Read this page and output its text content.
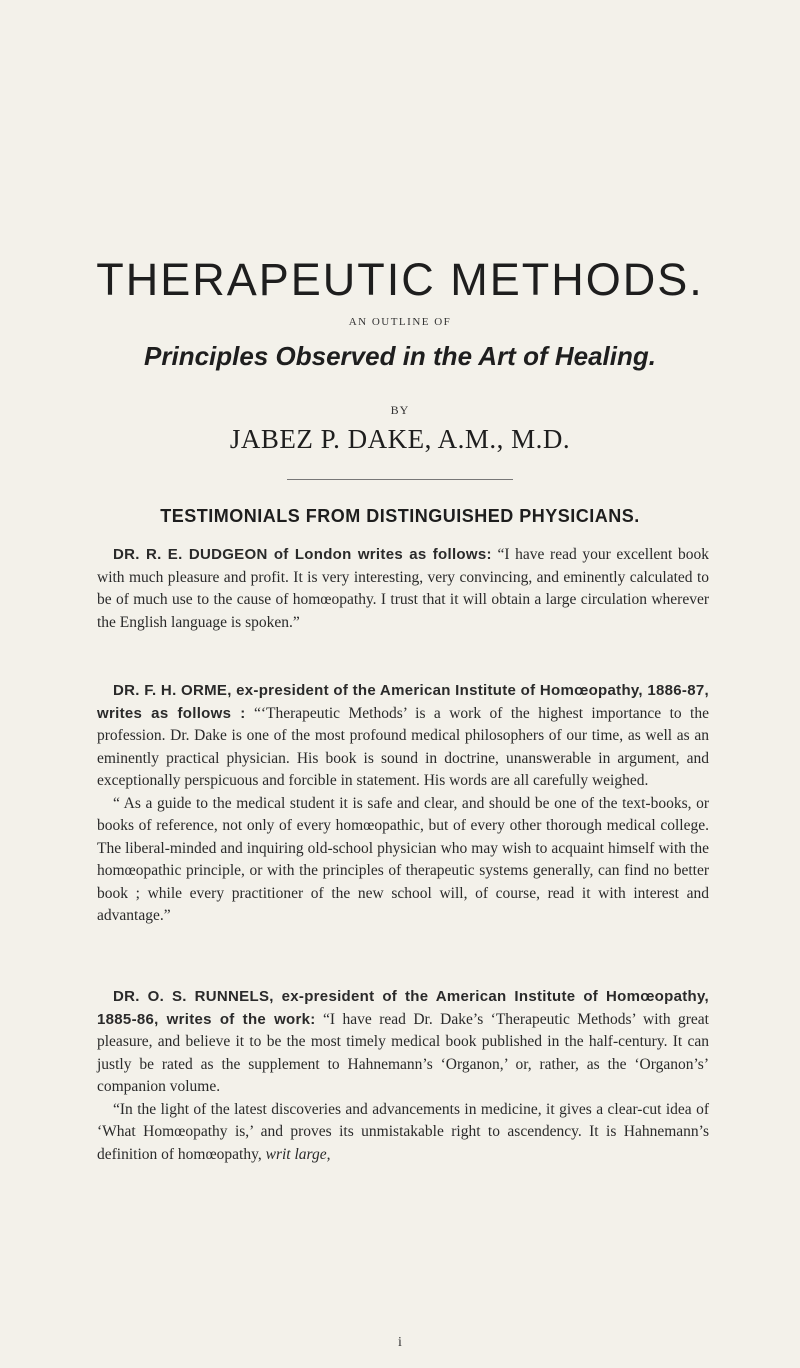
THERAPEUTIC METHODS.
AN OUTLINE OF
Principles Observed in the Art of Healing.
BY
JABEZ P. DAKE, A.M., M.D.
TESTIMONIALS FROM DISTINGUISHED PHYSICIANS.

DR. R. E. DUDGEON of London writes as follows: “I have read your excellent book with much pleasure and profit. It is very interesting, very convincing, and eminently calculated to be of much use to the cause of homœopathy. I trust that it will obtain a large circulation wherever the English language is spoken.”

DR. F. H. ORME, ex-president of the American Institute of Homœopathy, 1886-87, writes as follows : “‘Therapeutic Methods’ is a work of the highest importance to the profession. Dr. Dake is one of the most profound medical philosophers of our time, as well as an eminently practical physician. His book is sound in doctrine, unanswerable in argument, and exceptionally perspicuous and forcible in statement. His words are all carefully weighed.

“ As a guide to the medical student it is safe and clear, and should be one of the text-books, or books of reference, not only of every homœopathic, but of every other thorough medical college. The liberal-minded and inquiring old-school physician who may wish to acquaint himself with the homœopathic principle, or with the principles of therapeutic systems generally, can find no better book ; while every practitioner of the new school will, of course, read it with interest and advantage.”

DR. O. S. RUNNELS, ex-president of the American Institute of Homœopathy, 1885-86, writes of the work: “I have read Dr. Dake’s ‘Therapeutic Methods’ with great pleasure, and believe it to be the most timely medical book published in the half-century. It can justly be rated as the supplement to Hahnemann’s ‘Organon,’ or, rather, as the ‘Organon’s’ companion volume.

“In the light of the latest discoveries and advancements in medicine, it gives a clear-cut idea of ‘What Homœopathy is,’ and proves its unmistakable right to ascendency. It is Hahnemann’s definition of homœopathy, writ large,

i
